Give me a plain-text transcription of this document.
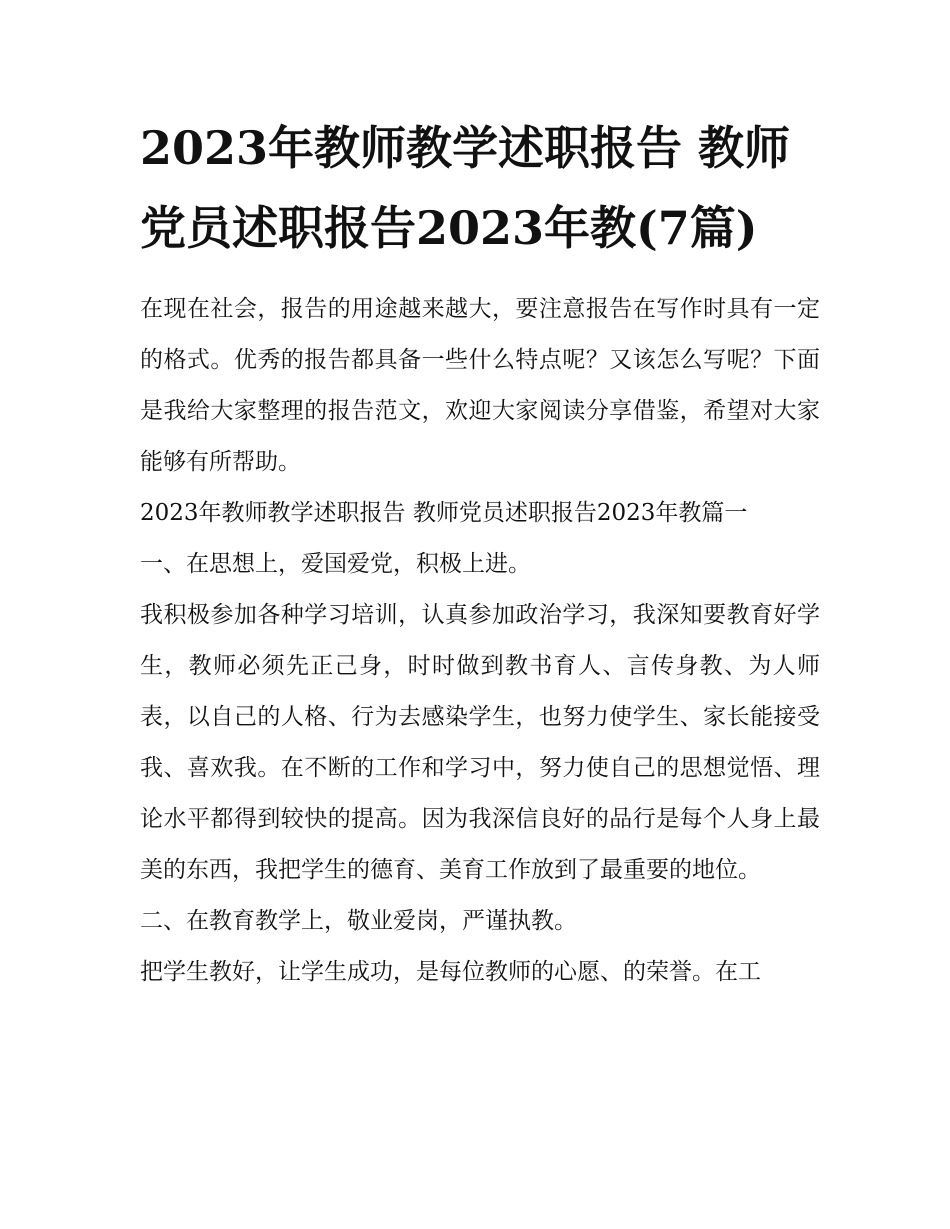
2023年教师教学述职报告 教师党员述职报告2023年教(7篇)

在现在社会，报告的用途越来越大，要注意报告在写作时具有一定的格式。优秀的报告都具备一些什么特点呢？又该怎么写呢？下面是我给大家整理的报告范文，欢迎大家阅读分享借鉴，希望对大家能够有所帮助。

2023年教师教学述职报告 教师党员述职报告2023年教篇一

一、在思想上，爱国爱党，积极上进。

我积极参加各种学习培训，认真参加政治学习，我深知要教育好学生，教师必须先正己身，时时做到教书育人、言传身教、为人师表，以自己的人格、行为去感染学生，也努力使学生、家长能接受我、喜欢我。在不断的工作和学习中，努力使自己的思想觉悟、理论水平都得到较快的提高。因为我深信良好的品行是每个人身上最美的东西，我把学生的德育、美育工作放到了最重要的地位。

二、在教育教学上，敬业爱岗，严谨执教。

把学生教好，让学生成功，是每位教师的心愿、的荣誉。在工
